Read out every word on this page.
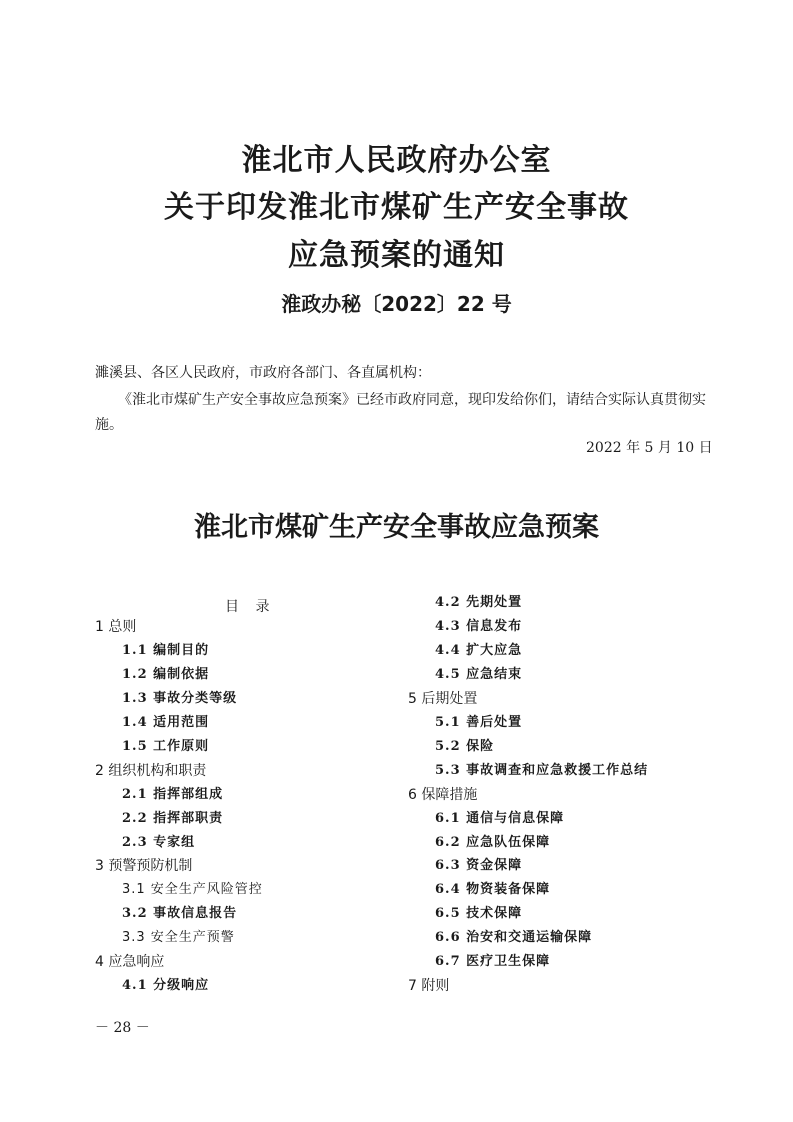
淮北市人民政府办公室
关于印发淮北市煤矿生产安全事故
应急预案的通知
淮政办秘〔2022〕22 号
濉溪县、各区人民政府，市政府各部门、各直属机构：
《淮北市煤矿生产安全事故应急预案》已经市政府同意，现印发给你们，请结合实际认真贯彻实
施。
2022 年 5 月 10 日
淮北市煤矿生产安全事故应急预案
目 录
1 总则
1.1 编制目的
1.2 编制依据
1.3 事故分类等级
1.4 适用范围
1.5 工作原则
2 组织机构和职责
2.1 指挥部组成
2.2 指挥部职责
2.3 专家组
3 预警预防机制
3.1 安全生产风险管控
3.2 事故信息报告
3.3 安全生产预警
4 应急响应
4.1 分级响应
4.2 先期处置
4.3 信息发布
4.4 扩大应急
4.5 应急结束
5 后期处置
5.1 善后处置
5.2 保险
5.3 事故调查和应急救援工作总结
6 保障措施
6.1 通信与信息保障
6.2 应急队伍保障
6.3 资金保障
6.4 物资装备保障
6.5 技术保障
6.6 治安和交通运输保障
6.7 医疗卫生保障
7 附则
－ 28 －
